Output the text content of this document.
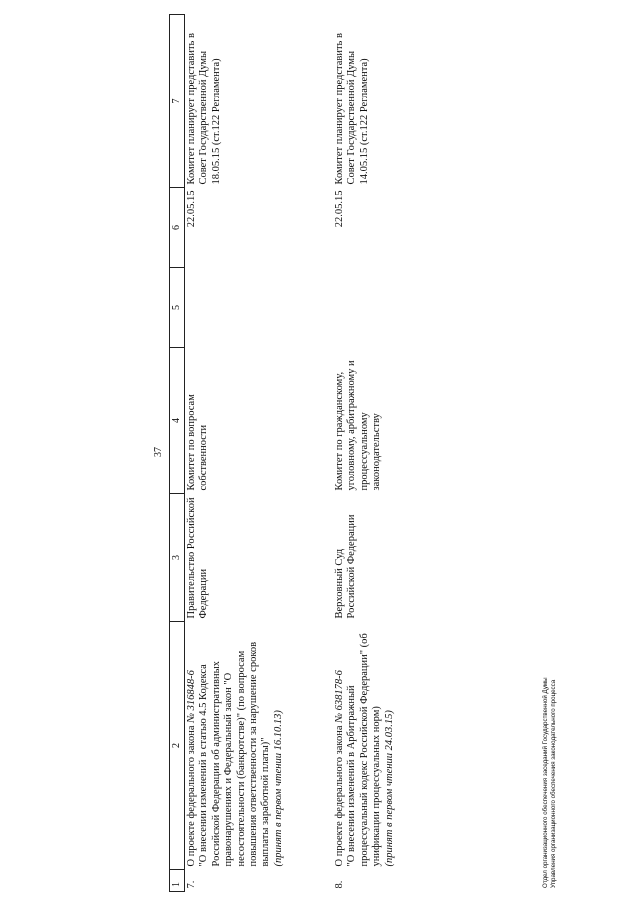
37
1	2	3	4	5	6	7
7.	О проекте федерального закона № 316848-6
"О внесении изменений в статью 4.5 Кодекса Российской Федерации об административных правонарушениях и Федеральный закон "О несостоятельности (банкротстве)" (по вопросам повышения ответственности за нарушение сроков выплаты заработной платы)"
(принят в первом чтении 16.10.13)	Правительство Российской Федерации	Комитет по вопросам собственности		22.05.15	Комитет планирует представить в Совет Государственной Думы 18.05.15 (ст.122 Регламента)
8.	О проекте федерального закона № 638178-6
"О внесении изменений в Арбитражный процессуальный кодекс Российской Федерации" (об унификации процессуальных норм)
(принят в первом чтении 24.03.15)	Верховный Суд Российской Федерации	Комитет по гражданскому, уголовному, арбитражному и процессуальному законодательству		22.05.15	Комитет планирует представить в Совет Государственной Думы 14.05.15 (ст.122 Регламента)
Отдел организационного обеспечения заседаний Государственной Думы Управления организационного обеспечения законодательного процесса
